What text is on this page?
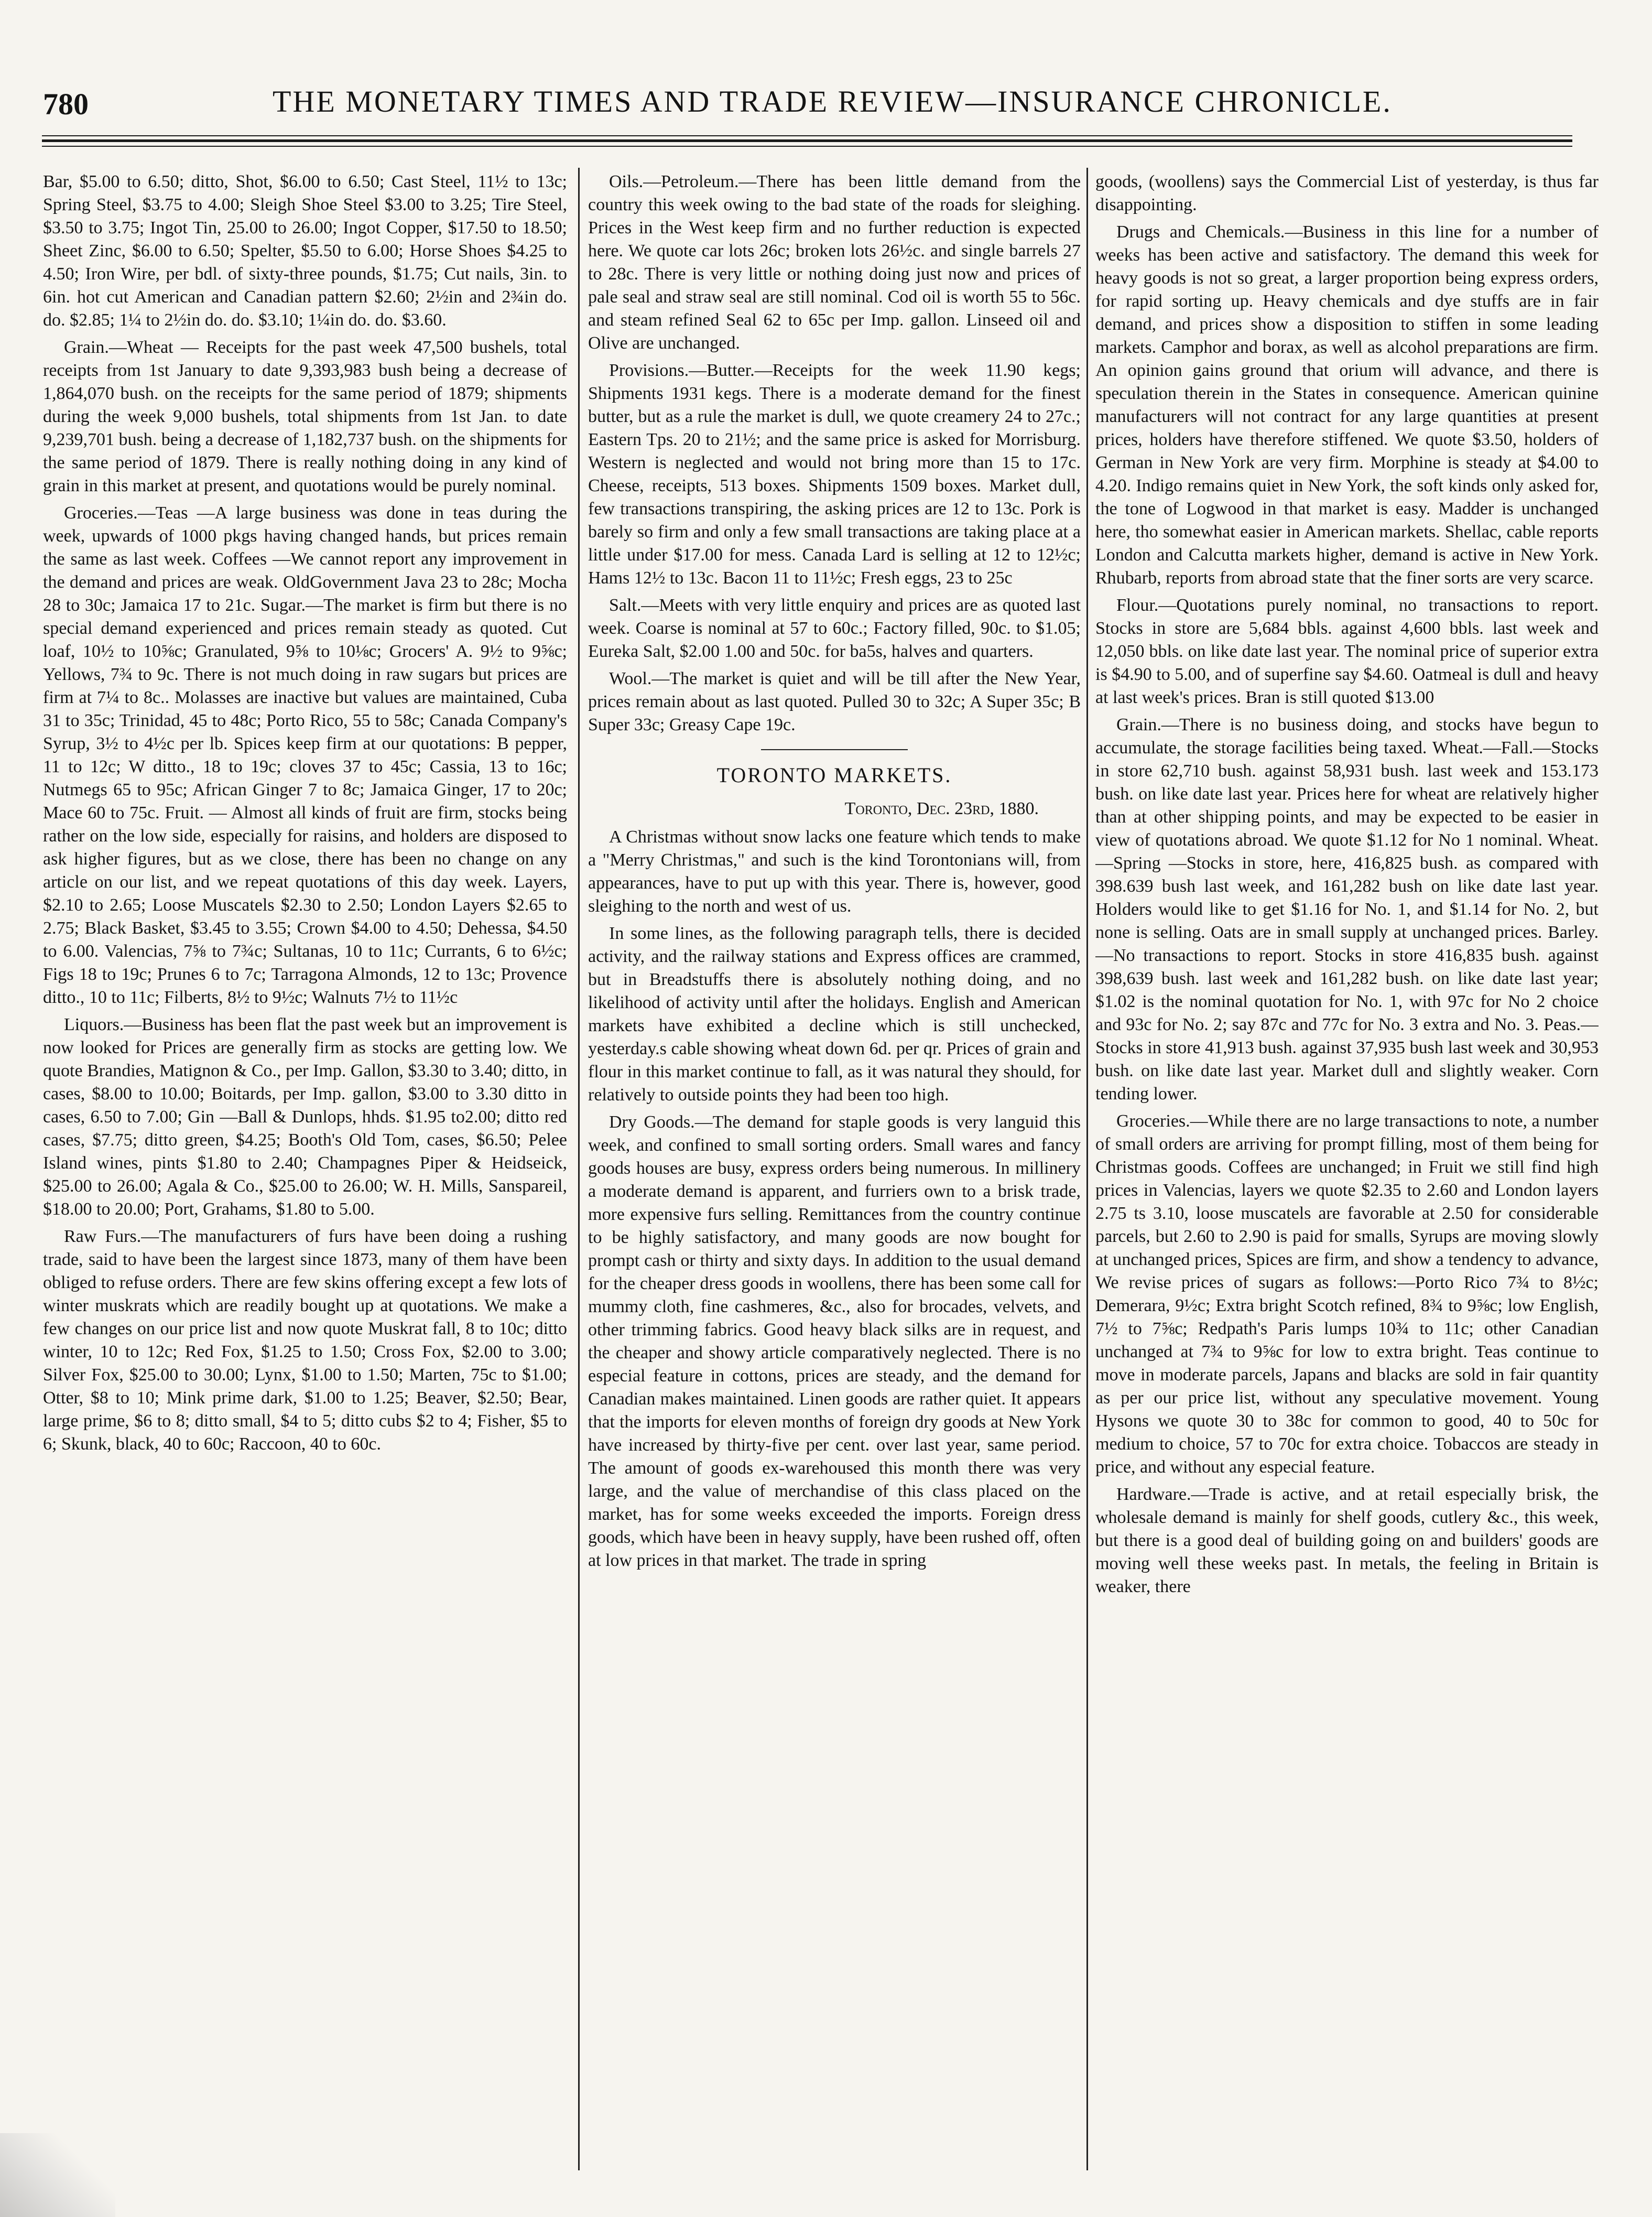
780	THE MONETARY TIMES AND TRADE REVIEW—INSURANCE CHRONICLE.

Bar, $5.00 to 6.50; ditto, Shot, $6.00 to 6.50; Cast Steel, 11½ to 13c; Spring Steel, $3.75 to 4.00; Sleigh Shoe Steel $3.00 to 3.25; Tire Steel, $3.50 to 3.75; Ingot Tin, 25.00 to 26.00; Ingot Copper, $17.50 to 18.50; Sheet Zinc, $6.00 to 6.50; Spelter, $5.50 to 6.00; Horse Shoes $4.25 to 4.50; Iron Wire, per bdl. of sixty-three pounds, $1.75; Cut nails, 3in. to 6in. hot cut American and Canadian pattern $2.60; 2½in and 2¾in do. do. $2.85; 1¼ to 2½in do. do. $3.10; 1¼in do. do. $3.60.

Grain.—Wheat — Receipts for the past week 47,500 bushels, total receipts from 1st January to date 9,393,983 bush being a decrease of 1,864,070 bush. on the receipts for the same period of 1879; shipments during the week 9,000 bushels, total shipments from 1st Jan. to date 9,239,701 bush. being a decrease of 1,182,737 bush. on the shipments for the same period of 1879. There is really nothing doing in any kind of grain in this market at present, and quotations would be purely nominal.

Groceries.—Teas —A large business was done in teas during the week, upwards of 1000 pkgs having changed hands, but prices remain the same as last week. Coffees —We cannot report any improvement in the demand and prices are weak. OldGovernment Java 23 to 28c; Mocha 28 to 30c; Jamaica 17 to 21c. Sugar.—The market is firm but there is no special demand experienced and prices remain steady as quoted. Cut loaf, 10½ to 10⅝c; Granulated, 9⅝ to 10⅛c; Grocers' A. 9½ to 9⅝c; Yellows, 7¾ to 9c. There is not much doing in raw sugars but prices are firm at 7¼ to 8c.. Molasses are inactive but values are maintained, Cuba 31 to 35c; Trinidad, 45 to 48c; Porto Rico, 55 to 58c; Canada Company's Syrup, 3½ to 4½c per lb. Spices keep firm at our quotations: B pepper, 11 to 12c; W ditto., 18 to 19c; cloves 37 to 45c; Cassia, 13 to 16c; Nutmegs 65 to 95c; African Ginger 7 to 8c; Jamaica Ginger, 17 to 20c; Mace 60 to 75c. Fruit. — Almost all kinds of fruit are firm, stocks being rather on the low side, especially for raisins, and holders are disposed to ask higher figures, but as we close, there has been no change on any article on our list, and we repeat quotations of this day week. Layers, $2.10 to 2.65; Loose Muscatels $2.30 to 2.50; London Layers $2.65 to 2.75; Black Basket, $3.45 to 3.55; Crown $4.00 to 4.50; Dehessa, $4.50 to 6.00. Valencias, 7⅝ to 7¾c; Sultanas, 10 to 11c; Currants, 6 to 6½c; Figs 18 to 19c; Prunes 6 to 7c; Tarragona Almonds, 12 to 13c; Provence ditto., 10 to 11c; Filberts, 8½ to 9½c; Walnuts 7½ to 11½c

Liquors.—Business has been flat the past week but an improvement is now looked for Prices are generally firm as stocks are getting low. We quote Brandies, Matignon & Co., per Imp. Gallon, $3.30 to 3.40; ditto, in cases, $8.00 to 10.00; Boitards, per Imp. gallon, $3.00 to 3.30 ditto in cases, 6.50 to 7.00; Gin —Ball & Dunlops, hhds. $1.95 to2.00; ditto red cases, $7.75; ditto green, $4.25; Booth's Old Tom, cases, $6.50; Pelee Island wines, pints $1.80 to 2.40; Champagnes Piper & Heidseick, $25.00 to 26.00; Agala & Co., $25.00 to 26.00; W. H. Mills, Sanspareil, $18.00 to 20.00; Port, Grahams, $1.80 to 5.00.

Raw Furs.—The manufacturers of furs have been doing a rushing trade, said to have been the largest since 1873, many of them have been obliged to refuse orders. There are few skins offering except a few lots of winter muskrats which are readily bought up at quotations. We make a few changes on our price list and now quote Muskrat fall, 8 to 10c; ditto winter, 10 to 12c; Red Fox, $1.25 to 1.50; Cross Fox, $2.00 to 3.00; Silver Fox, $25.00 to 30.00; Lynx, $1.00 to 1.50; Marten, 75c to $1.00; Otter, $8 to 10; Mink prime dark, $1.00 to 1.25; Beaver, $2.50; Bear, large prime, $6 to 8; ditto small, $4 to 5; ditto cubs $2 to 4; Fisher, $5 to 6; Skunk, black, 40 to 60c; Raccoon, 40 to 60c.

Oils.—Petroleum.—There has been little demand from the country this week owing to the bad state of the roads for sleighing. Prices in the West keep firm and no further reduction is expected here. We quote car lots 26c; broken lots 26½c. and single barrels 27 to 28c. There is very little or nothing doing just now and prices of pale seal and straw seal are still nominal. Cod oil is worth 55 to 56c. and steam refined Seal 62 to 65c per Imp. gallon. Linseed oil and Olive are unchanged.

Provisions.—Butter.—Receipts for the week 11.90 kegs; Shipments 1931 kegs. There is a moderate demand for the finest butter, but as a rule the market is dull, we quote creamery 24 to 27c.; Eastern Tps. 20 to 21½; and the same price is asked for Morrisburg. Western is neglected and would not bring more than 15 to 17c. Cheese, receipts, 513 boxes. Shipments 1509 boxes. Market dull, few transactions transpiring, the asking prices are 12 to 13c. Pork is barely so firm and only a few small transactions are taking place at a little under $17.00 for mess. Canada Lard is selling at 12 to 12½c; Hams 12½ to 13c. Bacon 11 to 11½c; Fresh eggs, 23 to 25c

Salt.—Meets with very little enquiry and prices are as quoted last week. Coarse is nominal at 57 to 60c.; Factory filled, 90c. to $1.05; Eureka Salt, $2.00 1.00 and 50c. for ba5s, halves and quarters.

Wool.—The market is quiet and will be till after the New Year, prices remain about as last quoted. Pulled 30 to 32c; A Super 35c; B Super 33c; Greasy Cape 19c.

TORONTO MARKETS.
Toronto, Dec. 23rd, 1880.

A Christmas without snow lacks one feature which tends to make a "Merry Christmas," and such is the kind Torontonians will, from appearances, have to put up with this year. There is, however, good sleighing to the north and west of us.

In some lines, as the following paragraph tells, there is decided activity, and the railway stations and Express offices are crammed, but in Breadstuffs there is absolutely nothing doing, and no likelihood of activity until after the holidays. English and American markets have exhibited a decline which is still unchecked, yesterday.s cable showing wheat down 6d. per qr. Prices of grain and flour in this market continue to fall, as it was natural they should, for relatively to outside points they had been too high.

Dry Goods.—The demand for staple goods is very languid this week, and confined to small sorting orders. Small wares and fancy goods houses are busy, express orders being numerous. In millinery a moderate demand is apparent, and furriers own to a brisk trade, more expensive furs selling. Remittances from the country continue to be highly satisfactory, and many goods are now bought for prompt cash or thirty and sixty days. In addition to the usual demand for the cheaper dress goods in woollens, there has been some call for mummy cloth, fine cashmeres, &c., also for brocades, velvets, and other trimming fabrics. Good heavy black silks are in request, and the cheaper and showy article comparatively neglected. There is no especial feature in cottons, prices are steady, and the demand for Canadian makes maintained. Linen goods are rather quiet. It appears that the imports for eleven months of foreign dry goods at New York have increased by thirty-five per cent. over last year, same period. The amount of goods ex-warehoused this month there was very large, and the value of merchandise of this class placed on the market, has for some weeks exceeded the imports. Foreign dress goods, which have been in heavy supply, have been rushed off, often at low prices in that market. The trade in spring

goods, (woollens) says the Commercial List of yesterday, is thus far disappointing.

Drugs and Chemicals.—Business in this line for a number of weeks has been active and satisfactory. The demand this week for heavy goods is not so great, a larger proportion being express orders, for rapid sorting up. Heavy chemicals and dye stuffs are in fair demand, and prices show a disposition to stiffen in some leading markets. Camphor and borax, as well as alcohol preparations are firm. An opinion gains ground that orium will advance, and there is speculation therein in the States in consequence. American quinine manufacturers will not contract for any large quantities at present prices, holders have therefore stiffened. We quote $3.50, holders of German in New York are very firm. Morphine is steady at $4.00 to 4.20. Indigo remains quiet in New York, the soft kinds only asked for, the tone of Logwood in that market is easy. Madder is unchanged here, tho somewhat easier in American markets. Shellac, cable reports London and Calcutta markets higher, demand is active in New York. Rhubarb, reports from abroad state that the finer sorts are very scarce.

Flour.—Quotations purely nominal, no transactions to report. Stocks in store are 5,684 bbls. against 4,600 bbls. last week and 12,050 bbls. on like date last year. The nominal price of superior extra is $4.90 to 5.00, and of superfine say $4.60. Oatmeal is dull and heavy at last week's prices. Bran is still quoted $13.00

Grain.—There is no business doing, and stocks have begun to accumulate, the storage facilities being taxed. Wheat.—Fall.—Stocks in store 62,710 bush. against 58,931 bush. last week and 153.173 bush. on like date last year. Prices here for wheat are relatively higher than at other shipping points, and may be expected to be easier in view of quotations abroad. We quote $1.12 for No 1 nominal. Wheat.—Spring —Stocks in store, here, 416,825 bush. as compared with 398.639 bush last week, and 161,282 bush on like date last year. Holders would like to get $1.16 for No. 1, and $1.14 for No. 2, but none is selling. Oats are in small supply at unchanged prices. Barley.—No transactions to report. Stocks in store 416,835 bush. against 398,639 bush. last week and 161,282 bush. on like date last year; $1.02 is the nominal quotation for No. 1, with 97c for No 2 choice and 93c for No. 2; say 87c and 77c for No. 3 extra and No. 3. Peas.—Stocks in store 41,913 bush. against 37,935 bush last week and 30,953 bush. on like date last year. Market dull and slightly weaker. Corn tending lower.

Groceries.—While there are no large transactions to note, a number of small orders are arriving for prompt filling, most of them being for Christmas goods. Coffees are unchanged; in Fruit we still find high prices in Valencias, layers we quote $2.35 to 2.60 and London layers 2.75 ts 3.10, loose muscatels are favorable at 2.50 for considerable parcels, but 2.60 to 2.90 is paid for smalls, Syrups are moving slowly at unchanged prices, Spices are firm, and show a tendency to advance, We revise prices of sugars as follows:—Porto Rico 7¾ to 8½c; Demerara, 9½c; Extra bright Scotch refined, 8¾ to 9⅝c; low English, 7½ to 7⅝c; Redpath's Paris lumps 10¾ to 11c; other Canadian unchanged at 7¾ to 9⅝c for low to extra bright. Teas continue to move in moderate parcels, Japans and blacks are sold in fair quantity as per our price list, without any speculative movement. Young Hysons we quote 30 to 38c for common to good, 40 to 50c for medium to choice, 57 to 70c for extra choice. Tobaccos are steady in price, and without any especial feature.

Hardware.—Trade is active, and at retail especially brisk, the wholesale demand is mainly for shelf goods, cutlery &c., this week, but there is a good deal of building going on and builders' goods are moving well these weeks past. In metals, the feeling in Britain is weaker, there
